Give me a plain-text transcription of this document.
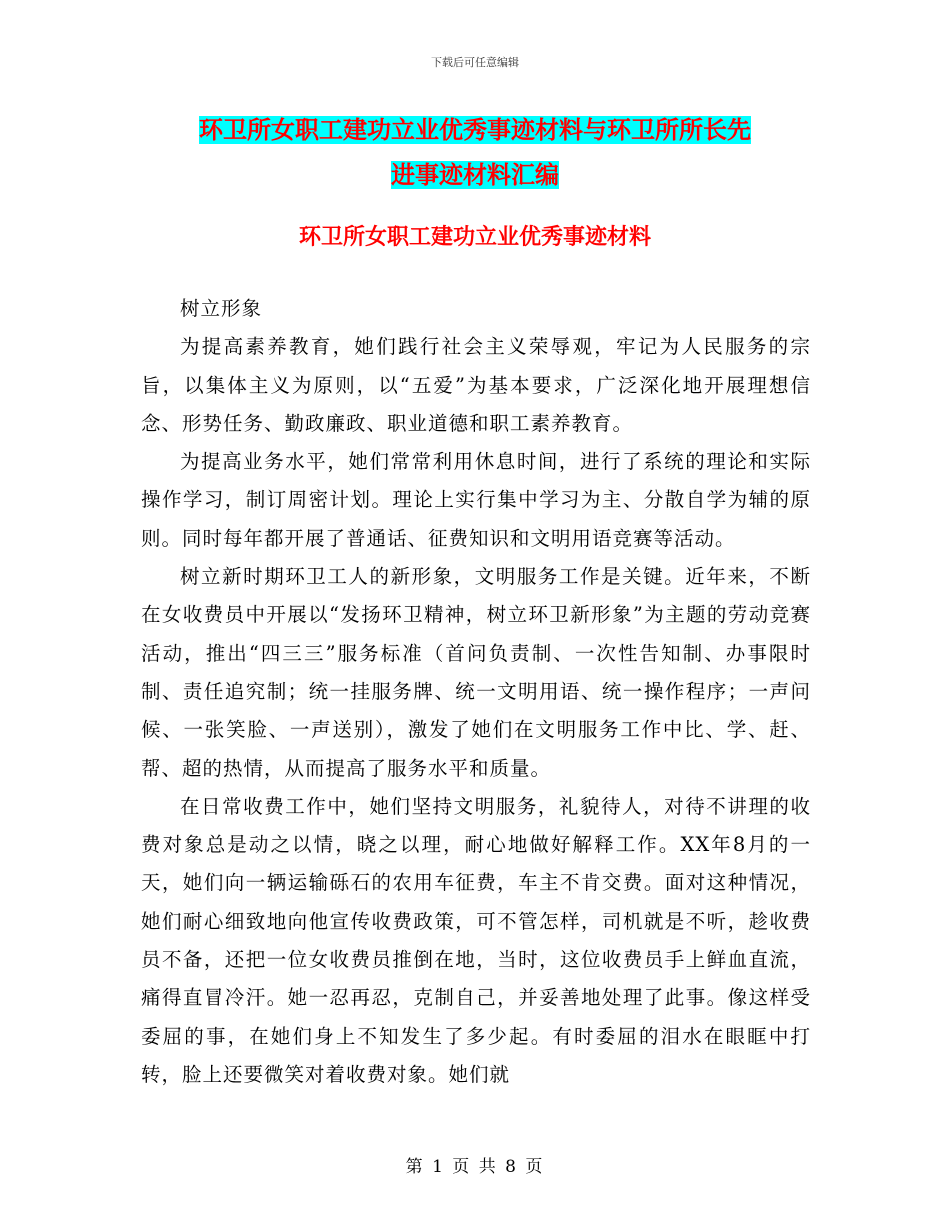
下载后可任意编辑
环卫所女职工建功立业优秀事迹材料与环卫所所长先
进事迹材料汇编
环卫所女职工建功立业优秀事迹材料

树立形象

为提高素养教育，她们践行社会主义荣辱观，牢记为人民服务的宗旨，以集体主义为原则，以“五爱”为基本要求，广泛深化地开展理想信念、形势任务、勤政廉政、职业道德和职工素养教育。

为提高业务水平，她们常常利用休息时间，进行了系统的理论和实际操作学习，制订周密计划。理论上实行集中学习为主、分散自学为辅的原则。同时每年都开展了普通话、征费知识和文明用语竞赛等活动。

树立新时期环卫工人的新形象，文明服务工作是关键。近年来，不断在女收费员中开展以“发扬环卫精神，树立环卫新形象”为主题的劳动竞赛活动，推出“四三三”服务标准（首问负责制、一次性告知制、办事限时制、责任追究制；统一挂服务牌、统一文明用语、统一操作程序；一声问候、一张笑脸、一声送别），激发了她们在文明服务工作中比、学、赶、帮、超的热情，从而提高了服务水平和质量。

在日常收费工作中，她们坚持文明服务，礼貌待人，对待不讲理的收费对象总是动之以情，晓之以理，耐心地做好解释工作。XX年8月的一天，她们向一辆运输砾石的农用车征费，车主不肯交费。面对这种情况，她们耐心细致地向他宣传收费政策，可不管怎样，司机就是不听，趁收费员不备，还把一位女收费员推倒在地，当时，这位收费员手上鲜血直流，痛得直冒冷汗。她一忍再忍，克制自己，并妥善地处理了此事。像这样受委屈的事，在她们身上不知发生了多少起。有时委屈的泪水在眼眶中打转，脸上还要微笑对着收费对象。她们就

第 1 页 共 8 页
